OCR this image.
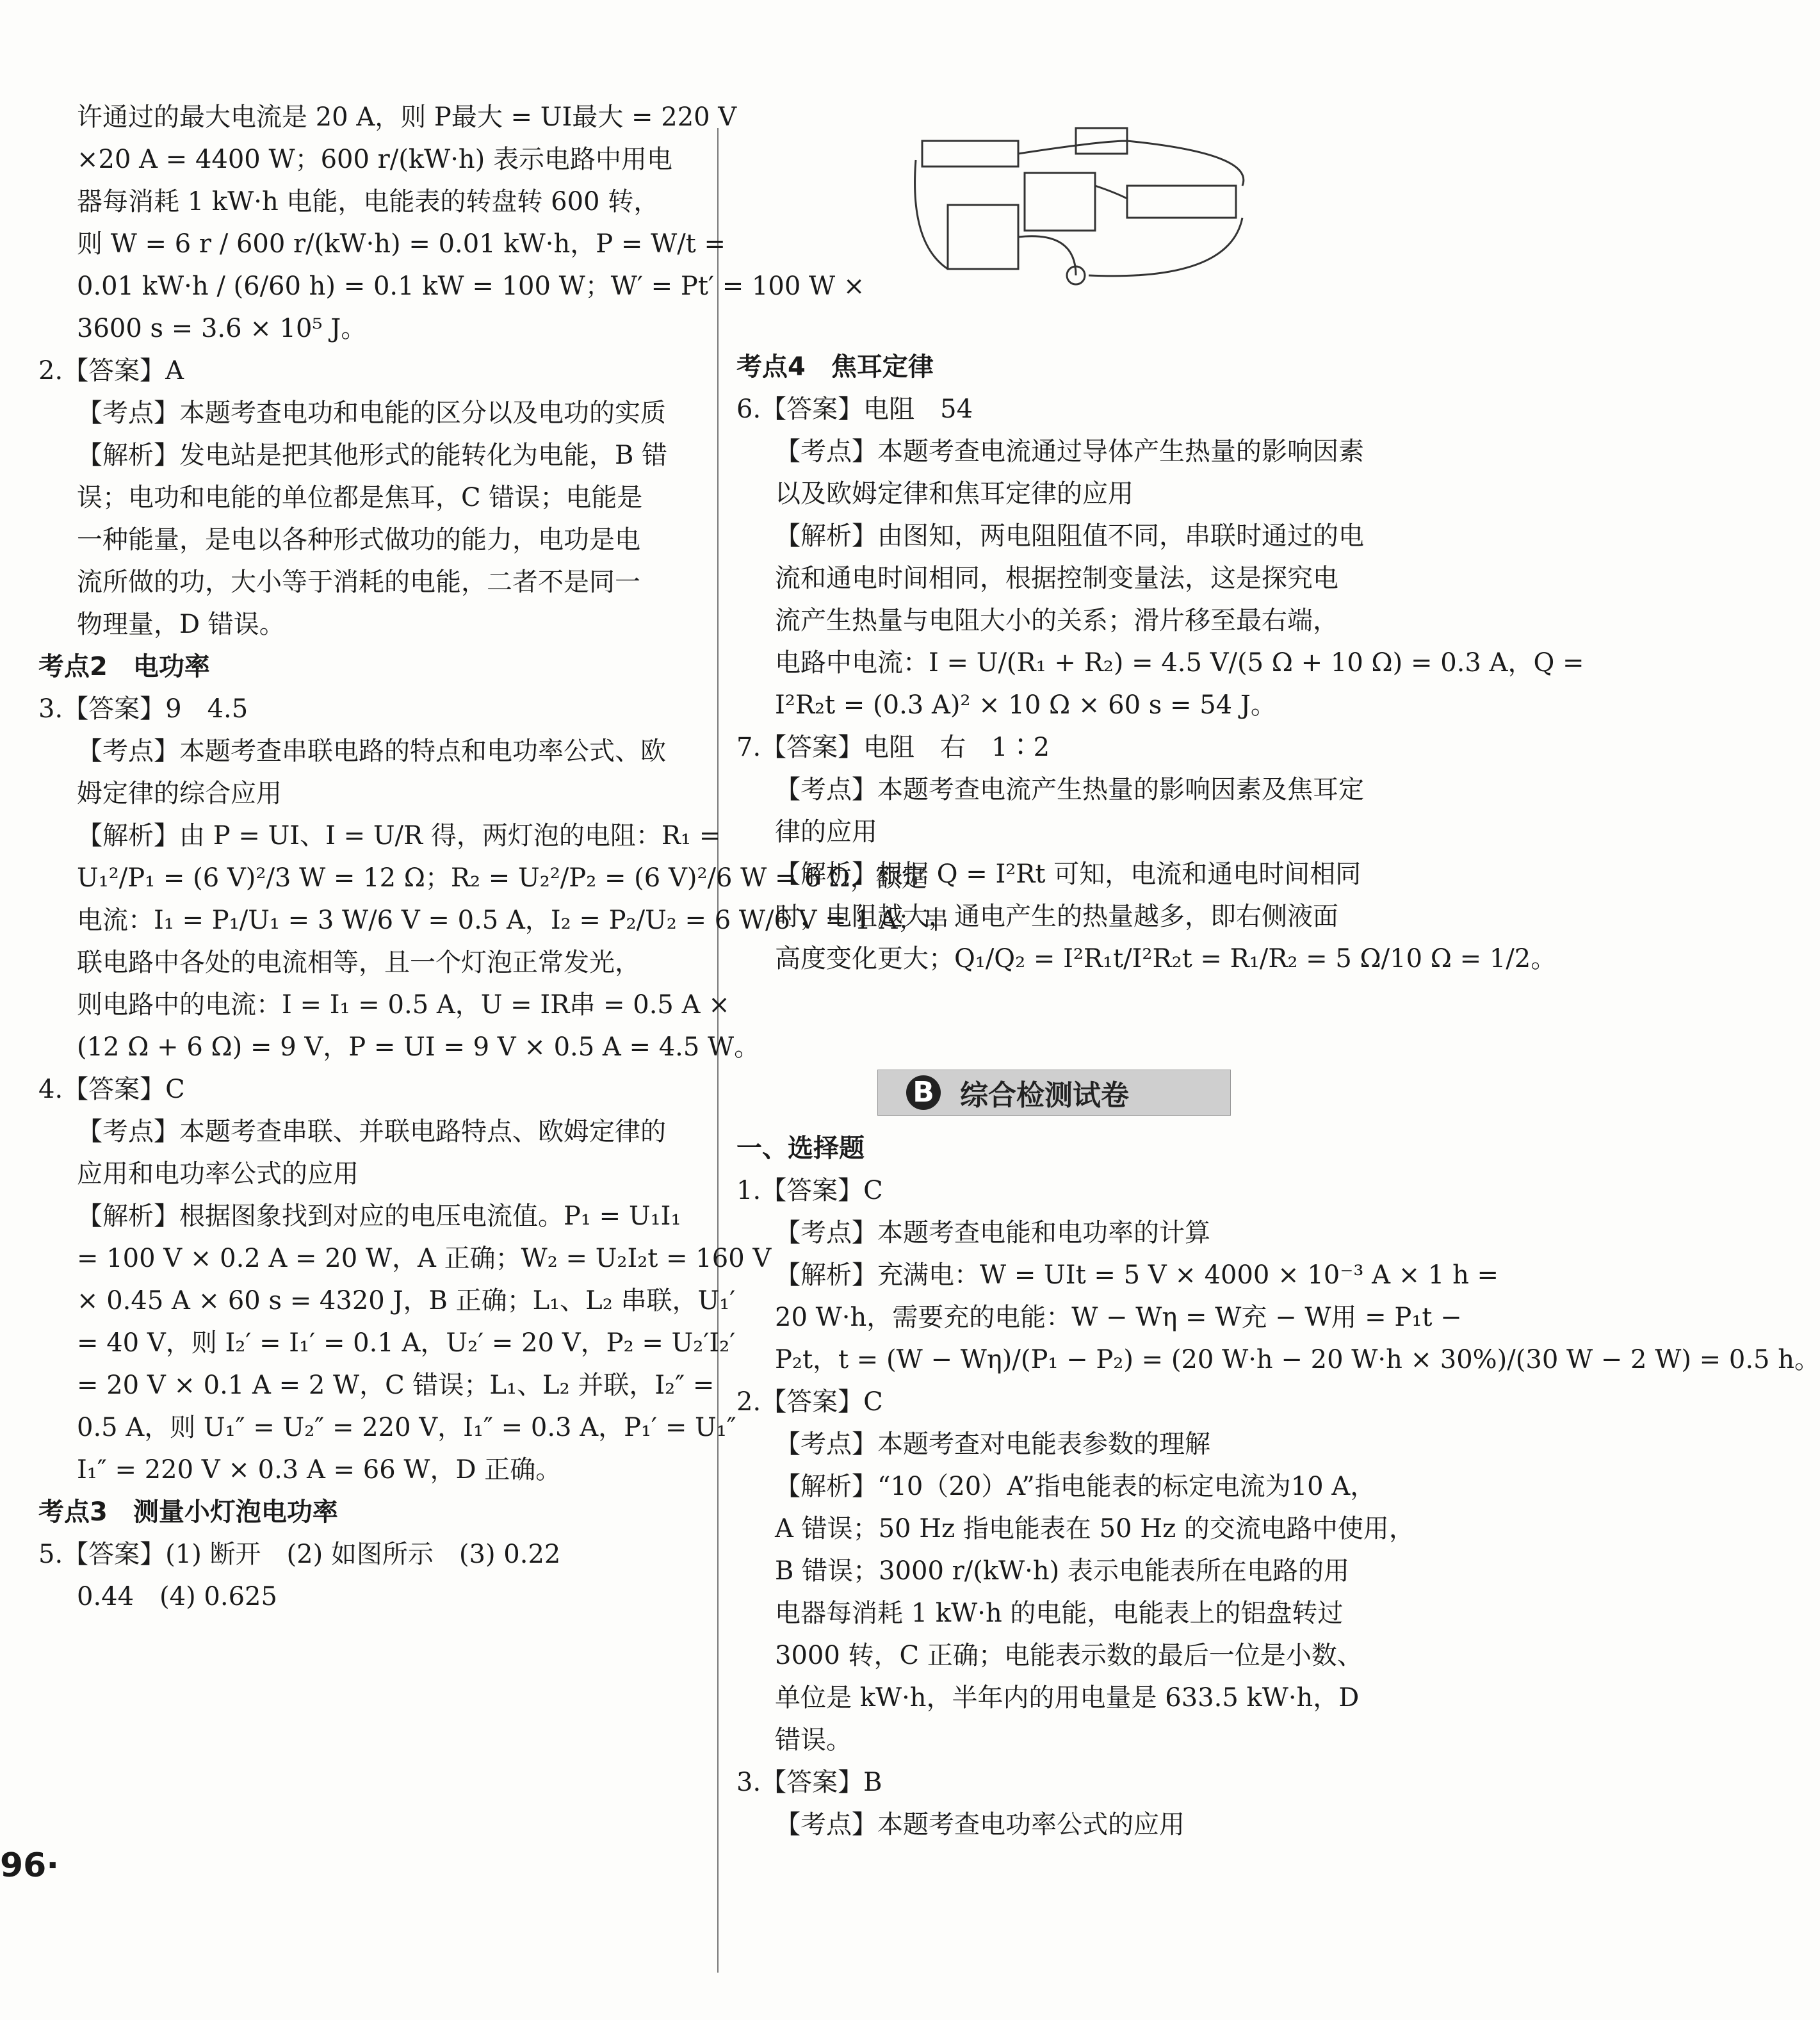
许通过的最大电流是 20 A，则 P最大 = UI最大 = 220 V
×20 A = 4400 W；600 r/(kW·h) 表示电路中用电
器每消耗 1 kW·h 电能，电能表的转盘转 600 转，
则 W = 6 r / 600 r/(kW·h) = 0.01 kW·h，P = W/t =
0.01 kW·h / (6/60 h) = 0.1 kW = 100 W；W′ = Pt′ = 100 W ×
3600 s = 3.6 × 10⁵ J。
2.【答案】A
【考点】本题考查电功和电能的区分以及电功的实质
【解析】发电站是把其他形式的能转化为电能，B 错
误；电功和电能的单位都是焦耳，C 错误；电能是
一种能量，是电以各种形式做功的能力，电功是电
流所做的功，大小等于消耗的电能，二者不是同一
物理量，D 错误。
考点2　电功率
3.【答案】9　4.5
【考点】本题考查串联电路的特点和电功率公式、欧
姆定律的综合应用
【解析】由 P = UI、I = U/R 得，两灯泡的电阻：R₁ =
U₁²/P₁ = (6 V)²/3 W = 12 Ω；R₂ = U₂²/P₂ = (6 V)²/6 W = 6 Ω，额定
电流：I₁ = P₁/U₁ = 3 W/6 V = 0.5 A，I₂ = P₂/U₂ = 6 W/6 V = 1 A；串
联电路中各处的电流相等，且一个灯泡正常发光，
则电路中的电流：I = I₁ = 0.5 A，U = IR串 = 0.5 A ×
(12 Ω + 6 Ω) = 9 V，P = UI = 9 V × 0.5 A = 4.5 W。
4.【答案】C
【考点】本题考查串联、并联电路特点、欧姆定律的
应用和电功率公式的应用
【解析】根据图象找到对应的电压电流值。P₁ = U₁I₁
= 100 V × 0.2 A = 20 W，A 正确；W₂ = U₂I₂t = 160 V
× 0.45 A × 60 s = 4320 J，B 正确；L₁、L₂ 串联，U₁′
= 40 V，则 I₂′ = I₁′ = 0.1 A，U₂′ = 20 V，P₂ = U₂′I₂′
= 20 V × 0.1 A = 2 W，C 错误；L₁、L₂ 并联，I₂″ =
0.5 A，则 U₁″ = U₂″ = 220 V，I₁″ = 0.3 A，P₁′ = U₁″
I₁″ = 220 V × 0.3 A = 66 W，D 正确。
考点3　测量小灯泡电功率
5.【答案】(1) 断开　(2) 如图所示　(3) 0.22
0.44　(4) 0.625
考点4　焦耳定律
6.【答案】电阻　54
【考点】本题考查电流通过导体产生热量的影响因素
以及欧姆定律和焦耳定律的应用
【解析】由图知，两电阻阻值不同，串联时通过的电
流和通电时间相同，根据控制变量法，这是探究电
流产生热量与电阻大小的关系；滑片移至最右端，
电路中电流：I = U/(R₁ + R₂) = 4.5 V/(5 Ω + 10 Ω) = 0.3 A，Q =
I²R₂t = (0.3 A)² × 10 Ω × 60 s = 54 J。
7.【答案】电阻　右　1∶2
【考点】本题考查电流产生热量的影响因素及焦耳定
律的应用
【解析】根据 Q = I²Rt 可知，电流和通电时间相同
时，电阻越大，通电产生的热量越多，即右侧液面
高度变化更大；Q₁/Q₂ = I²R₁t/I²R₂t = R₁/R₂ = 5 Ω/10 Ω = 1/2。
B 综合检测试卷
一、选择题
1.【答案】C
【考点】本题考查电能和电功率的计算
【解析】充满电：W = UIt = 5 V × 4000 × 10⁻³ A × 1 h =
20 W·h，需要充的电能：W − Wη = W充 − W用 = P₁t −
P₂t，t = (W − Wη)/(P₁ − P₂) = (20 W·h − 20 W·h × 30%)/(30 W − 2 W) = 0.5 h。
2.【答案】C
【考点】本题考查对电能表参数的理解
【解析】“10（20）A”指电能表的标定电流为10 A，
A 错误；50 Hz 指电能表在 50 Hz 的交流电路中使用，
B 错误；3000 r/(kW·h) 表示电能表所在电路的用
电器每消耗 1 kW·h 的电能，电能表上的铝盘转过
3000 转，C 正确；电能表示数的最后一位是小数、
单位是 kW·h，半年内的用电量是 633.5 kW·h，D
错误。
3.【答案】B
【考点】本题考查电功率公式的应用
96·
